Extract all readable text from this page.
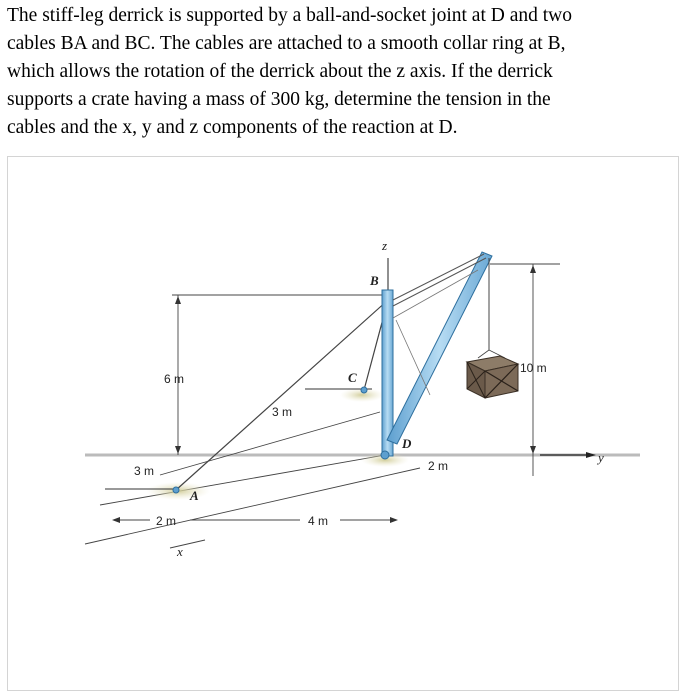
The stiff-leg derrick is supported by a ball-and-socket joint at D and two

cables BA and BC. The cables are attached to a smooth collar ring at B,

which allows the rotation of the derrick about the z axis. If the derrick

supports a crate having a mass of 300 kg, determine the tension in the

cables and the x, y and z components of the reaction at D.

z
y
x
B
C
D
A
6 m
10 m
3 m
3 m
2 m	4 m
2 m
